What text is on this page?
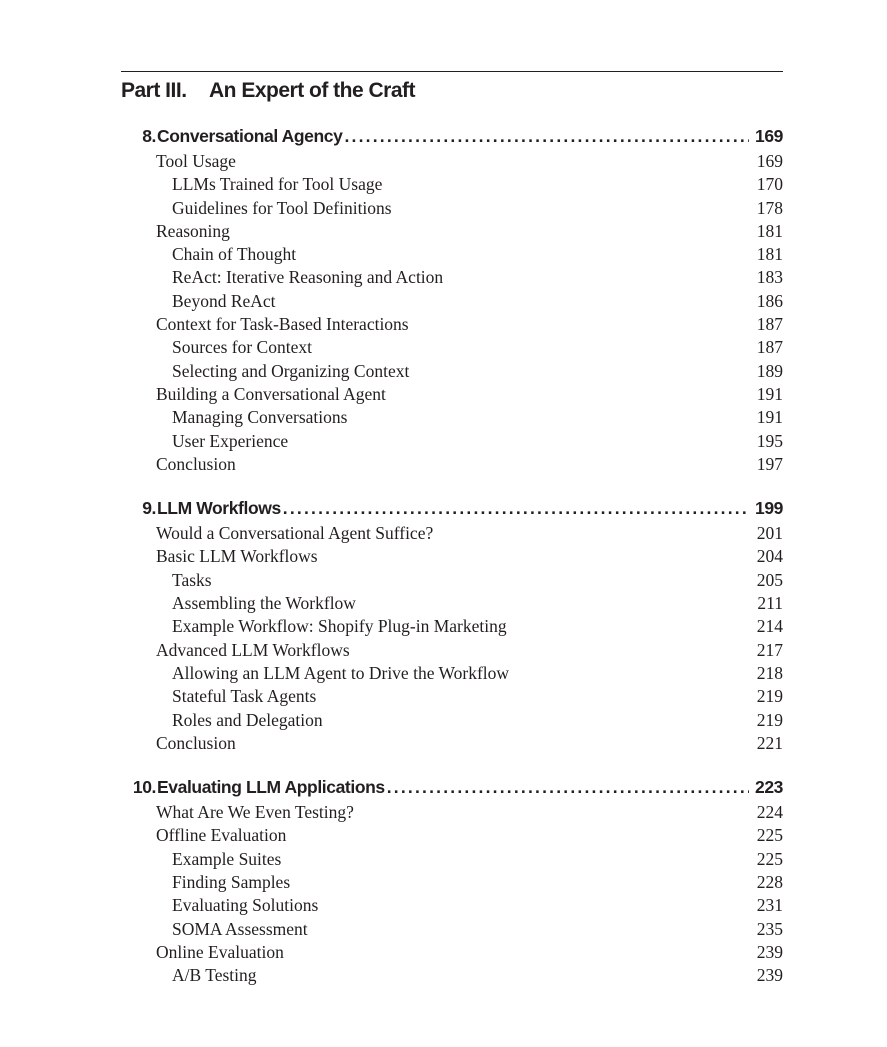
Part III.	An Expert of the Craft
8. Conversational Agency .....	169
Tool Usage	169
LLMs Trained for Tool Usage	170
Guidelines for Tool Definitions	178
Reasoning	181
Chain of Thought	181
ReAct: Iterative Reasoning and Action	183
Beyond ReAct	186
Context for Task-Based Interactions	187
Sources for Context	187
Selecting and Organizing Context	189
Building a Conversational Agent	191
Managing Conversations	191
User Experience	195
Conclusion	197
9. LLM Workflows .....	199
Would a Conversational Agent Suffice?	201
Basic LLM Workflows	204
Tasks	205
Assembling the Workflow	211
Example Workflow: Shopify Plug-in Marketing	214
Advanced LLM Workflows	217
Allowing an LLM Agent to Drive the Workflow	218
Stateful Task Agents	219
Roles and Delegation	219
Conclusion	221
10. Evaluating LLM Applications .....	223
What Are We Even Testing?	224
Offline Evaluation	225
Example Suites	225
Finding Samples	228
Evaluating Solutions	231
SOMA Assessment	235
Online Evaluation	239
A/B Testing	239
